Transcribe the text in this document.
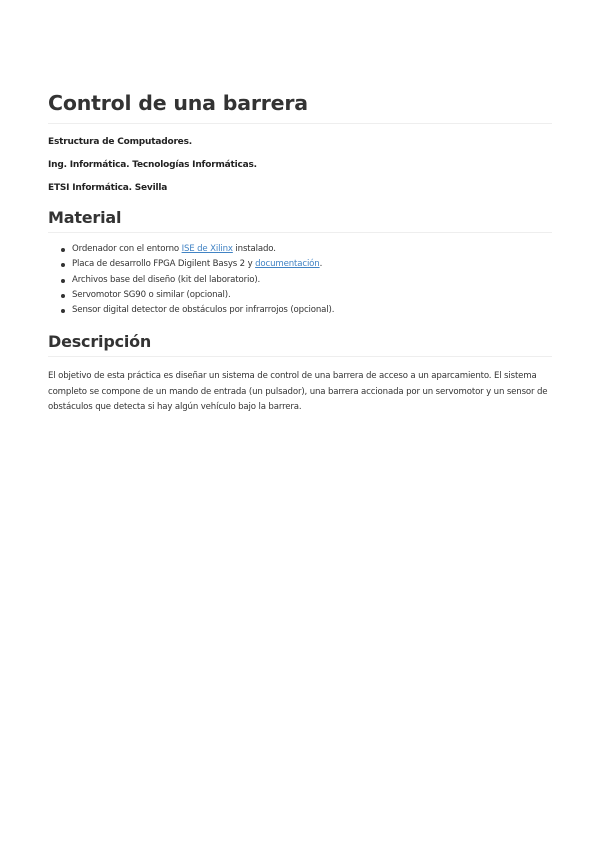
Control de una barrera

Estructura de Computadores.

Ing. Informática. Tecnologías Informáticas.

ETSI Informática. Sevilla

Material
Ordenador con el entorno ISE de Xilinx instalado.
Placa de desarrollo FPGA Digilent Basys 2 y documentación.
Archivos base del diseño (kit del laboratorio).
Servomotor SG90 o similar (opcional).
Sensor digital detector de obstáculos por infrarrojos (opcional).
Descripción

El objetivo de esta práctica es diseñar un sistema de control de una barrera de acceso a un aparcamiento. El sistema completo se compone de un mando de entrada (un pulsador), una barrera accionada por un servomotor y un sensor de obstáculos que detecta si hay algún vehículo bajo la barrera.
